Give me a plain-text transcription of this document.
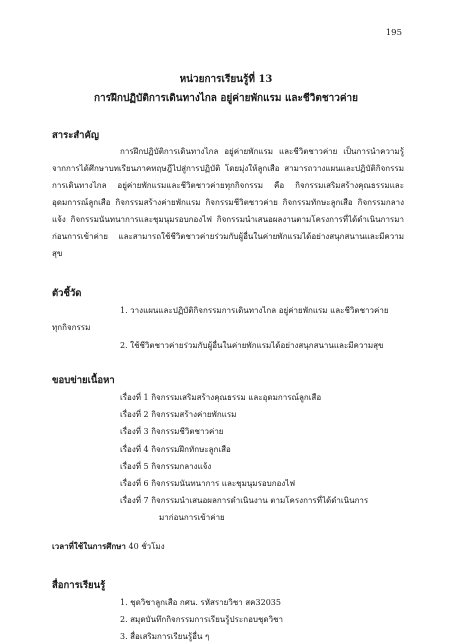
195
หน่วยการเรียนรู้ที่ 13
การฝึกปฏิบัติการเดินทางไกล อยู่ค่ายพักแรม และชีวิตชาวค่าย
สาระสำคัญ
การฝึกปฏิบัติการเดินทางไกล อยู่ค่ายพักแรม และชีวิตชาวค่าย เป็นการนำความรู้จากการได้ศึกษาบทเรียนภาคทฤษฎีไปสู่การปฏิบัติ โดยมุ่งให้ลูกเสือ สามารถวางแผนและปฏิบัติกิจกรรมการเดินทางไกล อยู่ค่ายพักแรมและชีวิตชาวค่ายทุกกิจกรรม คือ กิจกรรมเสริมสร้างคุณธรรมและอุดมการณ์ลูกเสือ กิจกรรมสร้างค่ายพักแรม กิจกรรมชีวิตชาวค่าย กิจกรรมทักษะลูกเสือ กิจกรรมกลางแจ้ง กิจกรรมนันทนาการและชุมนุมรอบกองไฟ กิจกรรมนำเสนอผลงานตามโครงการที่ได้ดำเนินการมาก่อนการเข้าค่าย และสามารถใช้ชีวิตชาวค่ายร่วมกับผู้อื่นในค่ายพักแรมได้อย่างสนุกสนานและมีความสุข
ตัวชี้วัด
1. วางแผนและปฏิบัติกิจกรรมการเดินทางไกล อยู่ค่ายพักแรม และชีวิตชาวค่าย
ทุกกิจกรรม
2. ใช้ชีวิตชาวค่ายร่วมกับผู้อื่นในค่ายพักแรมได้อย่างสนุกสนานและมีความสุข
ขอบข่ายเนื้อหา
เรื่องที่ 1 กิจกรรมเสริมสร้างคุณธรรม และอุดมการณ์ลูกเสือ
เรื่องที่ 2 กิจกรรมสร้างค่ายพักแรม
เรื่องที่ 3 กิจกรรมชีวิตชาวค่าย
เรื่องที่ 4 กิจกรรมฝึกทักษะลูกเสือ
เรื่องที่ 5 กิจกรรมกลางแจ้ง
เรื่องที่ 6 กิจกรรมนันทนาการ และชุมนุมรอบกองไฟ
เรื่องที่ 7 กิจกรรมนำเสนอผลการดำเนินงาน ตามโครงการที่ได้ดำเนินการ
มาก่อนการเข้าค่าย
เวลาที่ใช้ในการศึกษา 40 ชั่วโมง
สื่อการเรียนรู้
1. ชุดวิชาลูกเสือ กศน. รหัสรายวิชา สค32035
2. สมุดบันทึกกิจกรรมการเรียนรู้ประกอบชุดวิชา
3. สื่อเสริมการเรียนรู้อื่น ๆ
